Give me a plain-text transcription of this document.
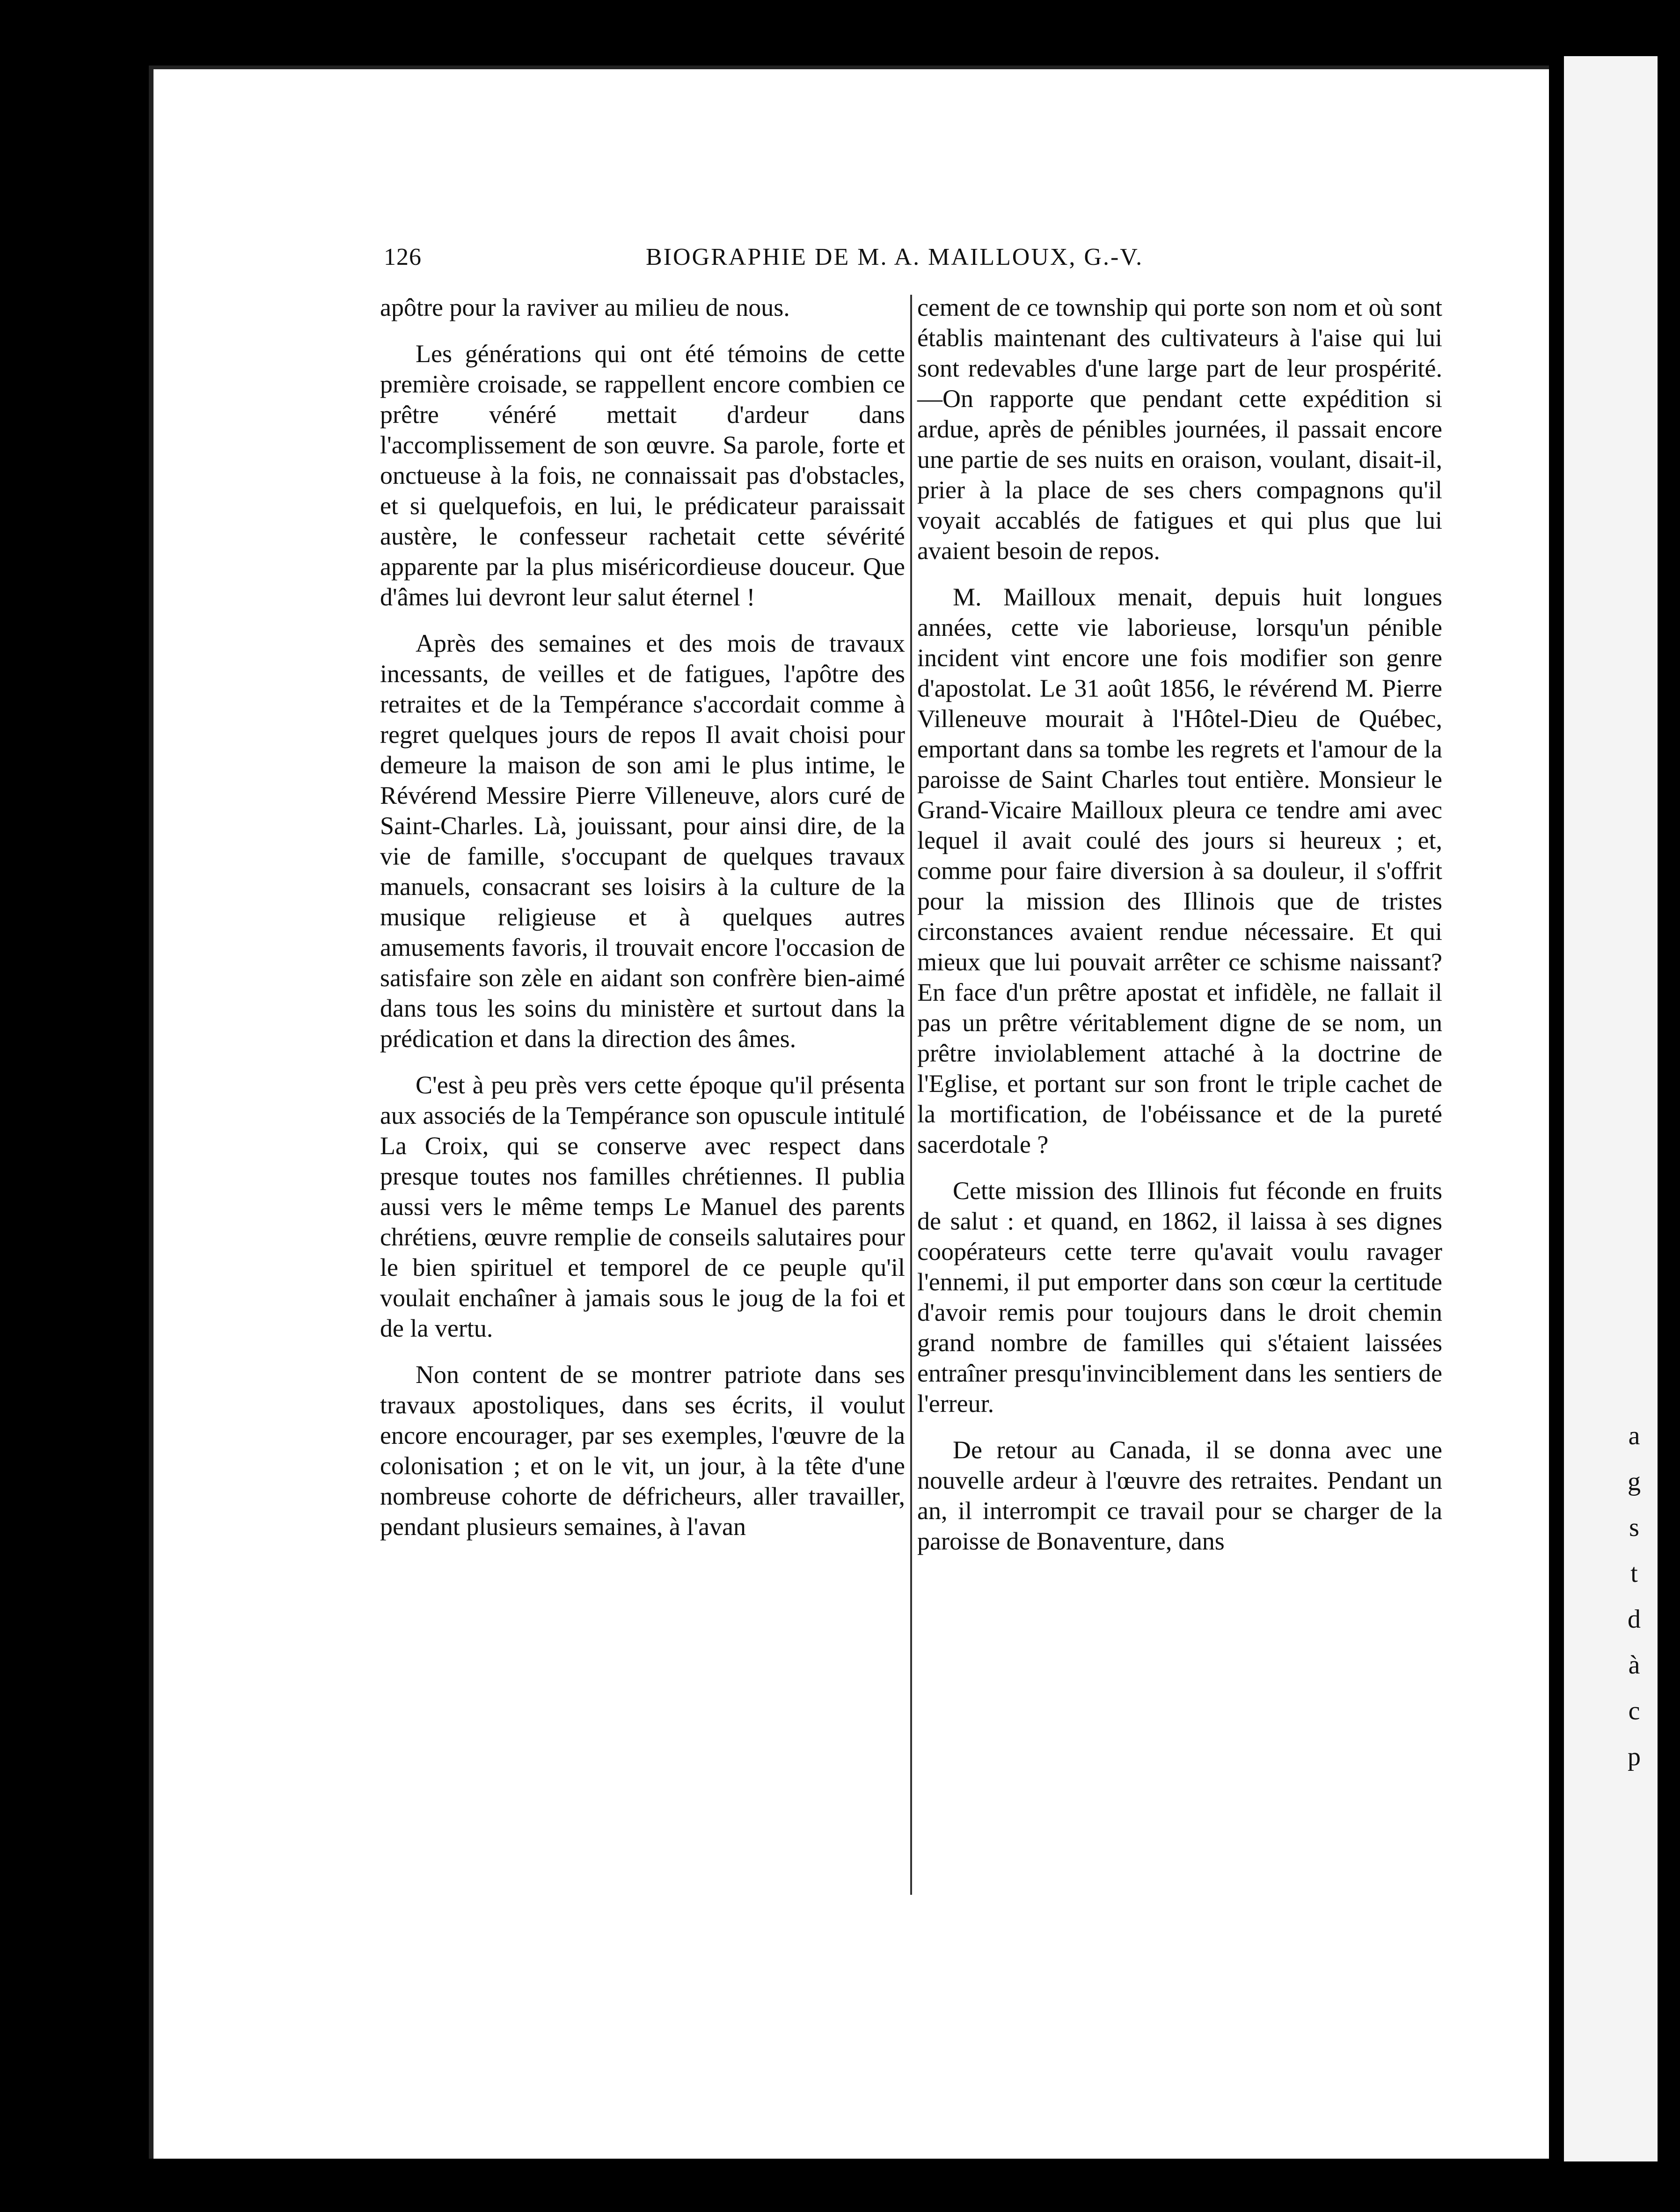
a
g
s
t
d
à
c
p
126	BIOGRAPHIE DE M. A. MAILLOUX, G.-V.

apôtre pour la raviver au milieu de nous.

Les générations qui ont été témoins de cette première croisade, se rappellent encore combien ce prêtre vénéré mettait d'ardeur dans l'accomplissement de son œuvre. Sa parole, forte et onctueuse à la fois, ne connaissait pas d'obstacles, et si quelquefois, en lui, le prédicateur paraissait austère, le confesseur rachetait cette sévérité apparente par la plus miséricordieuse douceur. Que d'âmes lui devront leur salut éternel !

Après des semaines et des mois de travaux incessants, de veilles et de fatigues, l'apôtre des retraites et de la Tempérance s'accordait comme à regret quelques jours de repos Il avait choisi pour demeure la maison de son ami le plus intime, le Révérend Messire Pierre Villeneuve, alors curé de Saint-Charles. Là, jouissant, pour ainsi dire, de la vie de famille, s'occupant de quelques travaux manuels, consacrant ses loisirs à la culture de la musique religieuse et à quelques autres amusements favoris, il trouvait encore l'occasion de satisfaire son zèle en aidant son confrère bien-aimé dans tous les soins du ministère et surtout dans la prédication et dans la direction des âmes.

C'est à peu près vers cette époque qu'il présenta aux associés de la Tempérance son opuscule intitulé La Croix, qui se conserve avec respect dans presque toutes nos familles chrétiennes. Il publia aussi vers le même temps Le Manuel des parents chrétiens, œuvre remplie de conseils salutaires pour le bien spirituel et temporel de ce peuple qu'il voulait enchaîner à jamais sous le joug de la foi et de la vertu.

Non content de se montrer patriote dans ses travaux apostoliques, dans ses écrits, il voulut encore encourager, par ses exemples, l'œuvre de la colonisation ; et on le vit, un jour, à la tête d'une nombreuse cohorte de défricheurs, aller travailler, pendant plusieurs semaines, à l'avan

cement de ce township qui porte son nom et où sont établis maintenant des cultivateurs à l'aise qui lui sont redevables d'une large part de leur prospérité.—On rapporte que pendant cette expédition si ardue, après de pénibles journées, il passait encore une partie de ses nuits en oraison, voulant, disait-il, prier à la place de ses chers compagnons qu'il voyait accablés de fatigues et qui plus que lui avaient besoin de repos.

M. Mailloux menait, depuis huit longues années, cette vie laborieuse, lorsqu'un pénible incident vint encore une fois modifier son genre d'apostolat. Le 31 août 1856, le révérend M. Pierre Villeneuve mourait à l'Hôtel-Dieu de Québec, emportant dans sa tombe les regrets et l'amour de la paroisse de Saint Charles tout entière. Monsieur le Grand-Vicaire Mailloux pleura ce tendre ami avec lequel il avait coulé des jours si heureux ; et, comme pour faire diversion à sa douleur, il s'offrit pour la mission des Illinois que de tristes circonstances avaient rendue nécessaire. Et qui mieux que lui pouvait arrêter ce schisme naissant? En face d'un prêtre apostat et infidèle, ne fallait il pas un prêtre véritablement digne de se nom, un prêtre inviolablement attaché à la doctrine de l'Eglise, et portant sur son front le triple cachet de la mortification, de l'obéissance et de la pureté sacerdotale ?

Cette mission des Illinois fut féconde en fruits de salut : et quand, en 1862, il laissa à ses dignes coopérateurs cette terre qu'avait voulu ravager l'ennemi, il put emporter dans son cœur la certitude d'avoir remis pour toujours dans le droit chemin grand nombre de familles qui s'étaient laissées entraîner presqu'invinciblement dans les sentiers de l'erreur.

De retour au Canada, il se donna avec une nouvelle ardeur à l'œuvre des retraites. Pendant un an, il interrompit ce travail pour se charger de la paroisse de Bonaventure, dans
